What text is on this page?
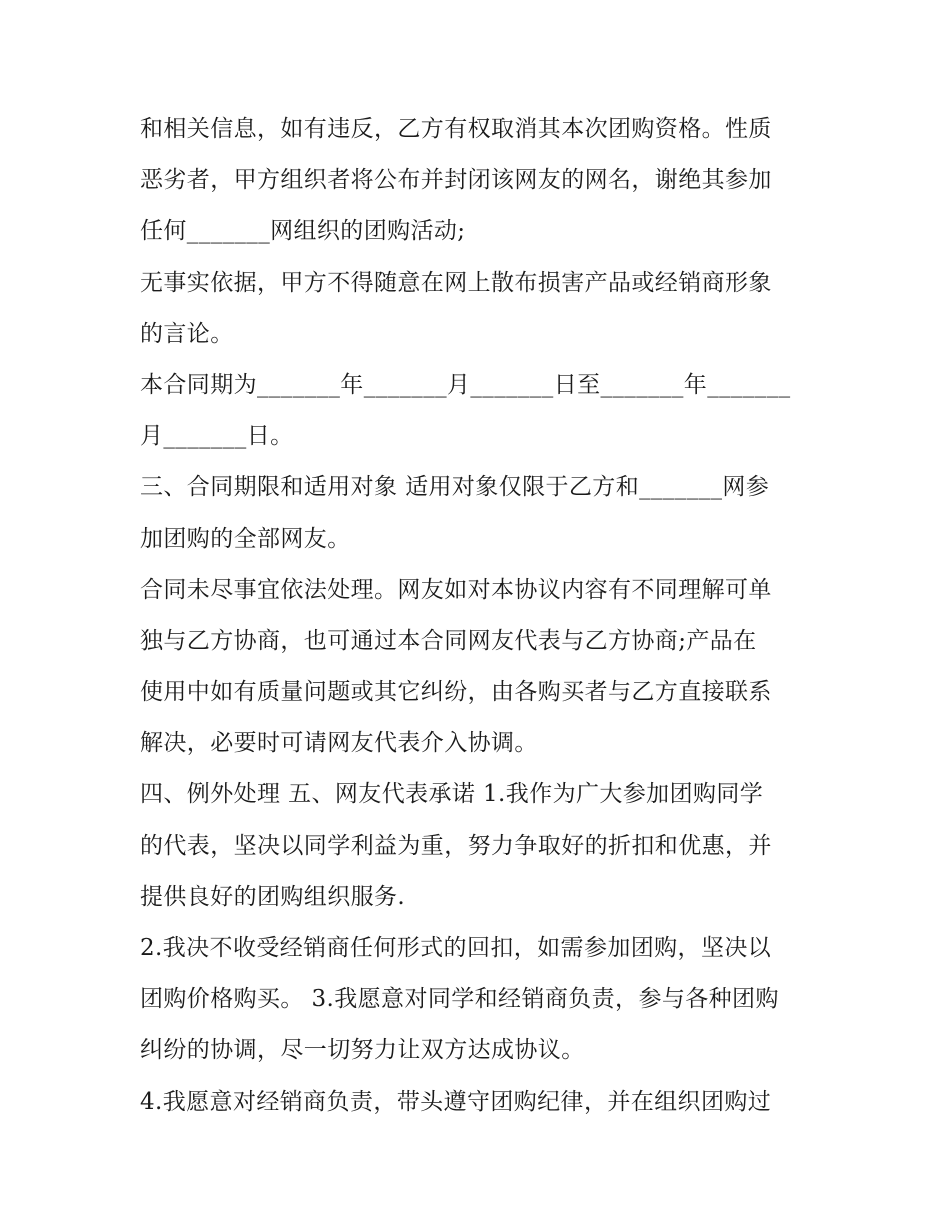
和相关信息，如有违反，乙方有权取消其本次团购资格。性质
恶劣者，甲方组织者将公布并封闭该网友的网名，谢绝其参加
任何_______网组织的团购活动;
无事实依据，甲方不得随意在网上散布损害产品或经销商形象
的言论。
本合同期为_______年_______月_______日至_______年_______
月_______日。
三、合同期限和适用对象 适用对象仅限于乙方和_______网参
加团购的全部网友。
合同未尽事宜依法处理。网友如对本协议内容有不同理解可单
独与乙方协商，也可通过本合同网友代表与乙方协商;产品在
使用中如有质量问题或其它纠纷，由各购买者与乙方直接联系
解决，必要时可请网友代表介入协调。
四、例外处理 五、网友代表承诺 1.我作为广大参加团购同学
的代表，坚决以同学利益为重，努力争取好的折扣和优惠，并
提供良好的团购组织服务.
2.我决不收受经销商任何形式的回扣，如需参加团购，坚决以
团购价格购买。 3.我愿意对同学和经销商负责，参与各种团购
纠纷的协调，尽一切努力让双方达成协议。
4.我愿意对经销商负责，带头遵守团购纪律，并在组织团购过
